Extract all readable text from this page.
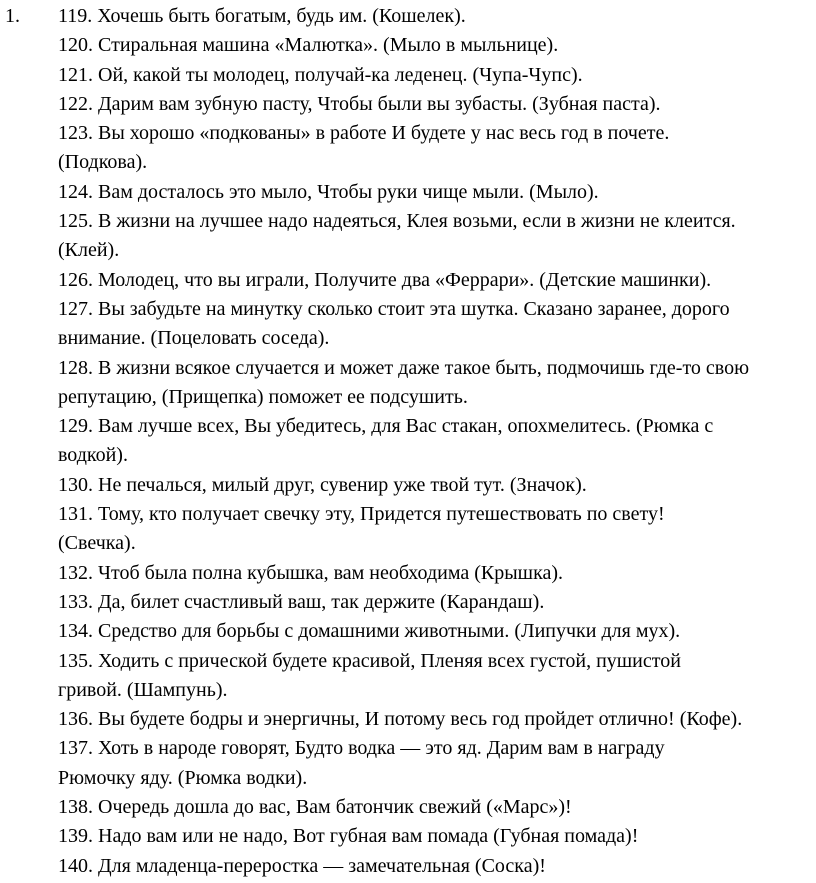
1. 119. Хочешь быть богатым, будь им. (Кошелек).
120. Стиральная машина «Малютка». (Мыло в мыльнице).
121. Ой, какой ты молодец, получай-ка леденец. (Чупа-Чупс).
122. Дарим вам зубную пасту, Чтобы были вы зубасты. (Зубная паста).
123. Вы хорошо «подкованы» в работе И будете у нас весь год в почете.
(Подкова).
124. Вам досталось это мыло, Чтобы руки чище мыли. (Мыло).
125. В жизни на лучшее надо надеяться, Клея возьми, если в жизни не клеится.
(Клей).
126. Молодец, что вы играли, Получите два «Феррари». (Детские машинки).
127. Вы забудьте на минутку сколько стоит эта шутка. Сказано заранее, дорого
внимание. (Поцеловать соседа).
128. В жизни всякое случается и может даже такое быть, подмочишь где-то свою
репутацию, (Прищепка) поможет ее подсушить.
129. Вам лучше всех, Вы убедитесь, для Вас стакан, опохмелитесь. (Рюмка с
водкой).
130. Не печалься, милый друг, сувенир уже твой тут. (Значок).
131. Тому, кто получает свечку эту, Придется путешествовать по свету!
(Свечка).
132. Чтоб была полна кубышка, вам необходима (Крышка).
133. Да, билет счастливый ваш, так держите (Карандаш).
134. Средство для борьбы с домашними животными. (Липучки для мух).
135. Ходить с прической будете красивой, Пленяя всех густой, пушистой
гривой. (Шампунь).
136. Вы будете бодры и энергичны, И потому весь год пройдет отлично! (Кофе).
137. Хоть в народе говорят, Будто водка — это яд. Дарим вам в награду
Рюмочку яду. (Рюмка водки).
138. Очередь дошла до вас, Вам батончик свежий («Марс»)!
139. Надо вам или не надо, Вот губная вам помада (Губная помада)!
140. Для младенца-переростка — замечательная (Соска)!
